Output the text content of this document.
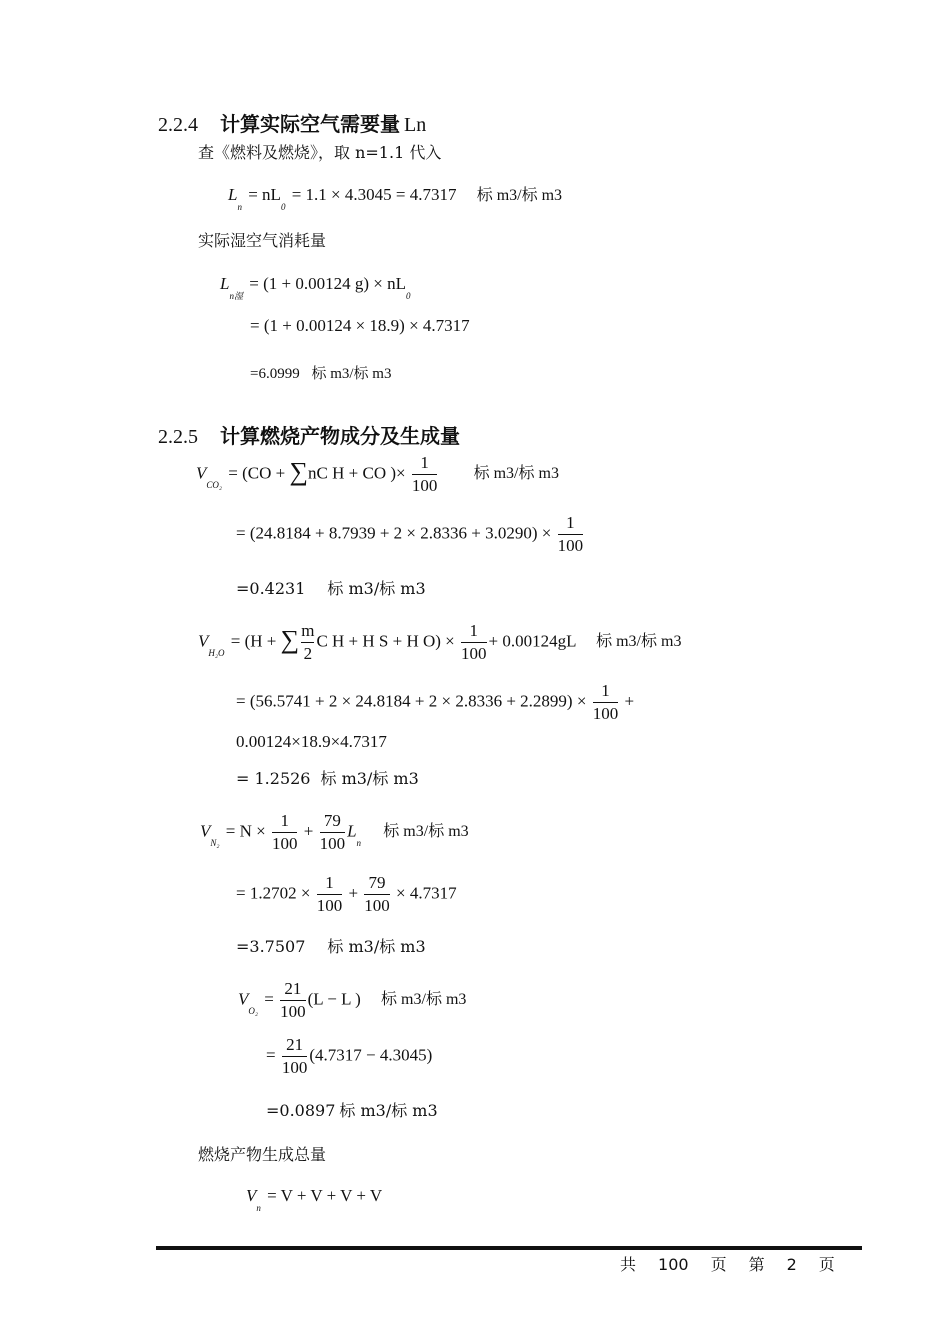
2.2.4 计算实际空气需要量 Ln
查《燃料及燃烧》，取 n=1.1 代入
$L_n = nL_0 = 1.1 \times 4.3045 = 4.7317$ 标 m3/标 m3
实际湿空气消耗量
$L_{n湿} = (1 + 0.00124$ $g) \times nL_0$
= (1 + 0.00124 × 18.9) × 4.7317
=6.0999 标 m3/标 m3
2.2.5 计算燃烧产物成分及生成量
$V_{CO_2} = (CO + \sum nC$ H + CO )× $\frac{1}{100}$ 标 m3/标 m3
= $(24.8184 + 8.7939 + 2 \times 2.8336 + 3.0290) \times \frac{1}{100}$
=0.4231 标 m3/标 m3
$V_{H_2O} = (H$ + ∑ $\frac{m}{2}$ C H + H S + H $O) \times \frac{1}{100} + 0.00124gL$ 标 m3/标 m3
= $(56.5741 + 2 \times 24.8184 + 2 \times 2.8336 + 2.2899) \times \frac{1}{100}$ +
0.00124×18.9×4.7317
= 1.2526 标 m3/标 m3
$V_{N_2} = N \times \frac{1}{100} + \frac{79}{100} L_n$ 标 m3/标 m3
= $1.2702 \times \frac{1}{100} + \frac{79}{100} \times 4.7317$
=3.7507 标 m3/标 m3
$V_{O_2} = \frac{21}{100} (L - L$ ) 标 m3/标 m3
= $\frac{21}{100} (4.7317 - 4.3045)$
=0.0897 标 m3/标 m3
燃烧产物生成总量
$V_n = V + V + V + V$
共 100 页 第 2 页
